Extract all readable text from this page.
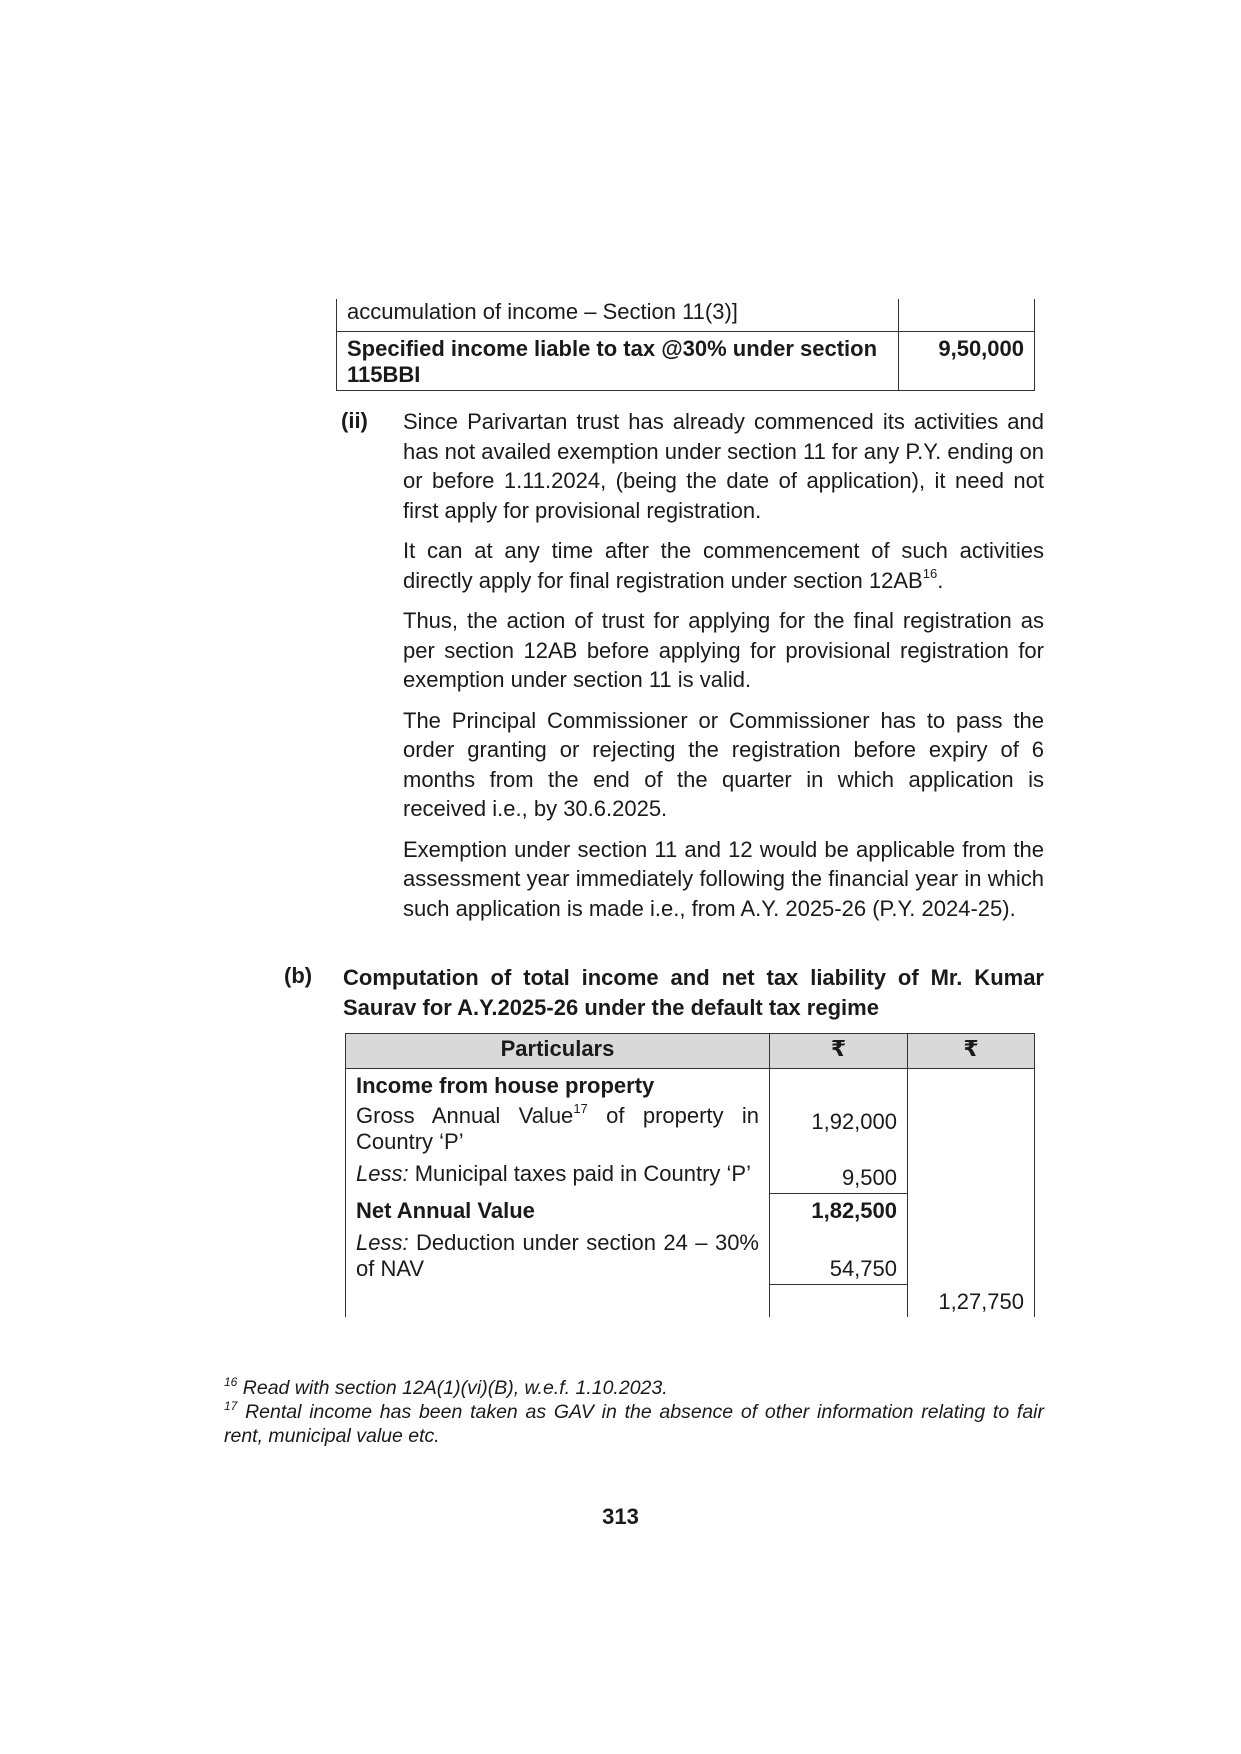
accumulation of income – Section 11(3)]	
Specified income liable to tax @30% under section 115BBI	9,50,000
(ii) Since Parivartan trust has already commenced its activities and has not availed exemption under section 11 for any P.Y. ending on or before 1.11.2024, (being the date of application), it need not first apply for provisional registration.

It can at any time after the commencement of such activities directly apply for final registration under section 12AB$^{16}$.

Thus, the action of trust for applying for the final registration as per section 12AB before applying for provisional registration for exemption under section 11 is valid.

The Principal Commissioner or Commissioner has to pass the order granting or rejecting the registration before expiry of 6 months from the end of the quarter in which application is received i.e., by 30.6.2025.

Exemption under section 11 and 12 would be applicable from the assessment year immediately following the financial year in which such application is made i.e., from A.Y. 2025-26 (P.Y. 2024-25).

(b) Computation of total income and net tax liability of Mr. Kumar Saurav for A.Y.2025-26 under the default tax regime

Particulars	₹	₹
Income from house property		
Gross Annual Value$^{17}$ of property in Country ‘P’	1,92,000	
Less: Municipal taxes paid in Country ‘P’	9,500	
Net Annual Value	1,82,500	
Less: Deduction under section 24 – 30% of NAV	54,750	
		1,27,750

$^{16}$ Read with section 12A(1)(vi)(B), w.e.f. 1.10.2023.

$^{17}$ Rental income has been taken as GAV in the absence of other information relating to fair rent, municipal value etc.

313
